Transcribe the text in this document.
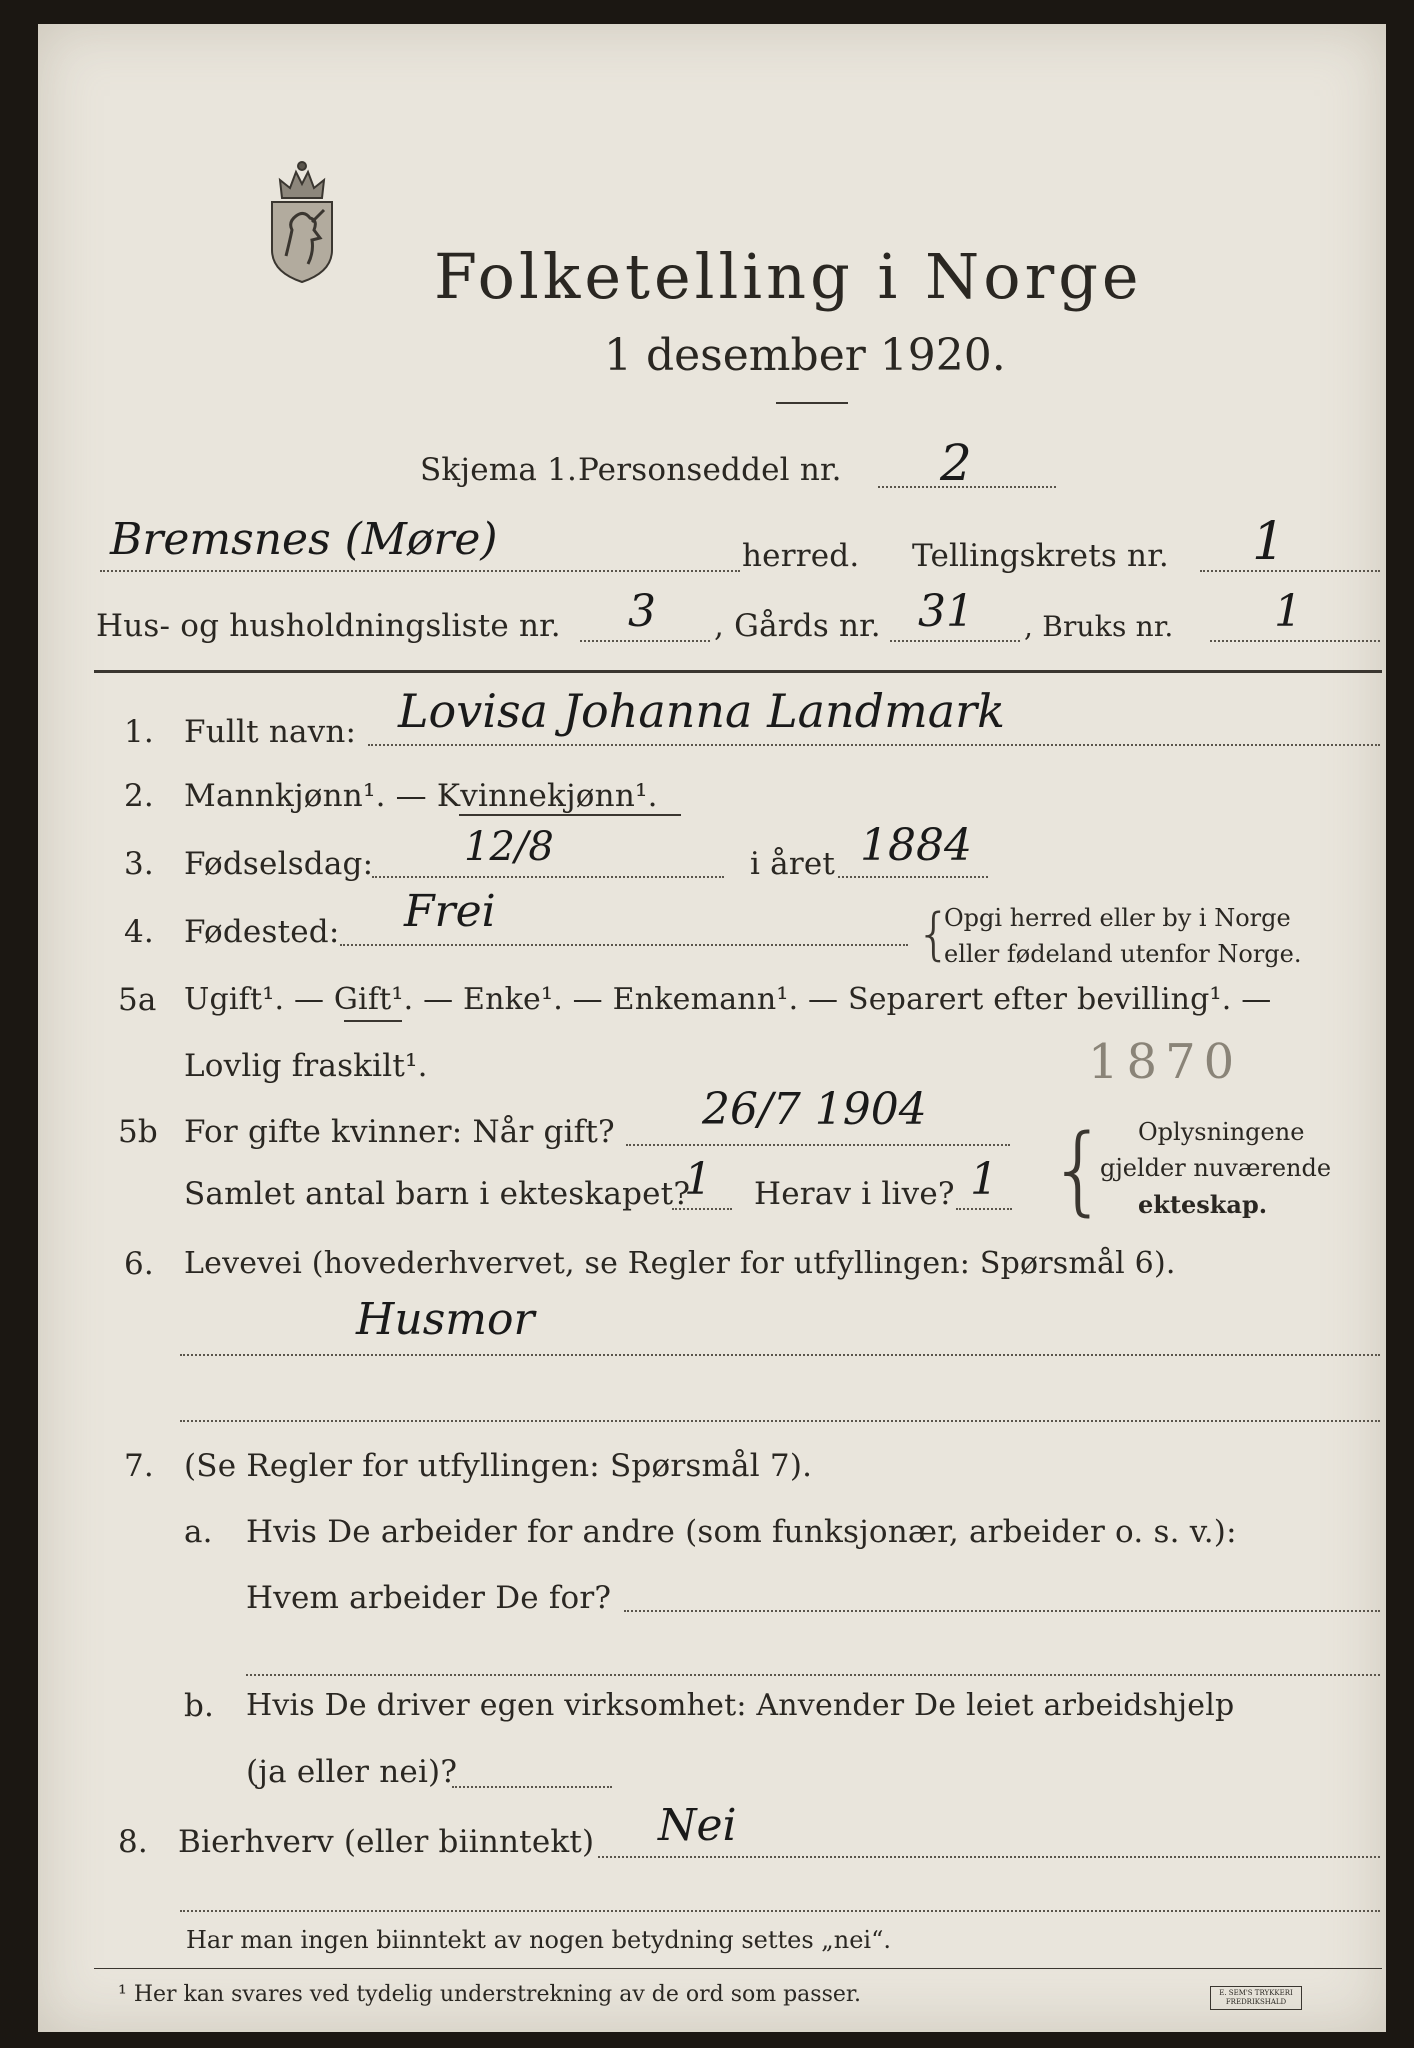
Folketelling i Norge
1 desember 1920.
Skjema 1. Personseddel nr. 2
Bremsnes (Møre)	herred. Tellingskrets nr. 1
Hus- og husholdningsliste nr. 3 , Gårds nr. 31 , Bruks nr. 1
1. Fullt navn: Lovisa Johanna Landmark
2. Mannkjønn¹. — Kvinnekjønn¹.
3. Fødselsdag: 12/8	i året 1884
4. Fødested: Frei	{
Opgi herred eller by i Norge
eller fødeland utenfor Norge.
5a Ugift¹. — Gift¹. — Enke¹. — Enkemann¹. — Separert efter bevilling¹. —
Lovlig fraskilt¹.
5b For gifte kvinner: Når gift? 26/7 1904
1870
Samlet antal barn i ekteskapet?
1 Herav i live? 1 { Oplysningene
gjelder nuværende
ekteskap.
6. Levevei (hovederhvervet, se Regler for utfyllingen: Spørsmål 6).
Husmor
7. (Se Regler for utfyllingen: Spørsmål 7).
a. Hvis De arbeider for andre (som funksjonær, arbeider o. s. v.):
Hvem arbeider De for?
b. Hvis De driver egen virksomhet: Anvender De leiet arbeidshjelp
(ja eller nei)?
8. Bierhverv (eller biinntekt) Nei
Har man ingen biinntekt av nogen betydning settes „nei“.
¹ Her kan svares ved tydelig understrekning av de ord som passer.	E. SEM'S TRYKKERI FREDRIKSHALD
